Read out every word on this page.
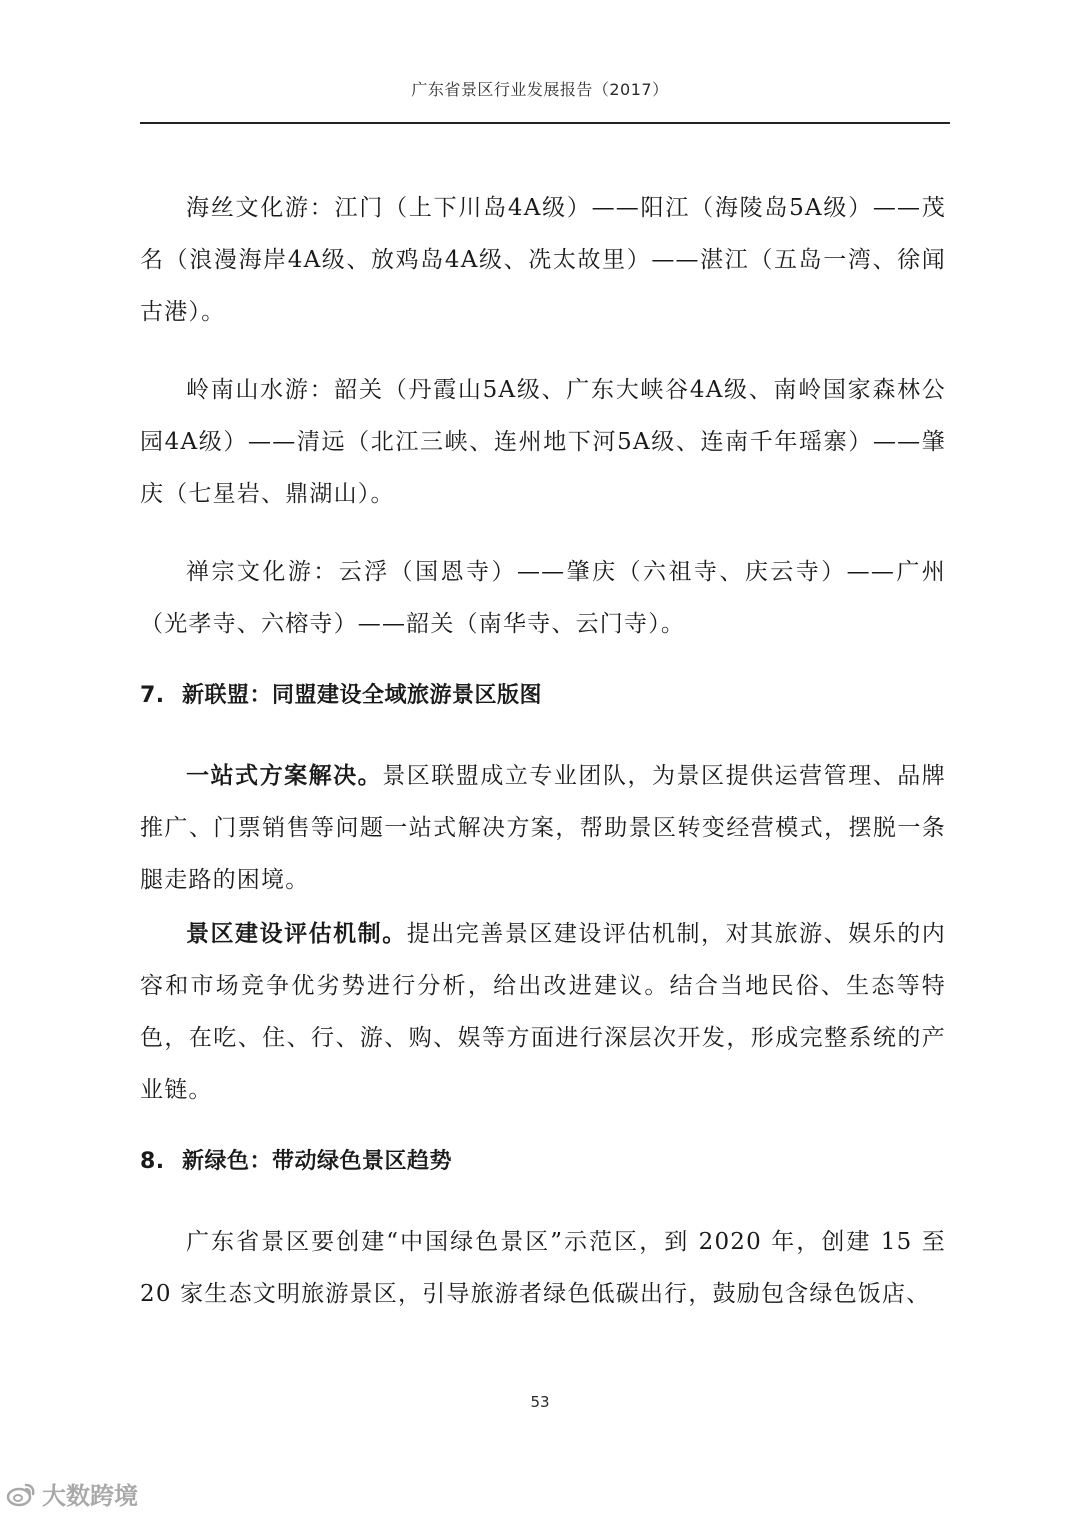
广东省景区行业发展报告（2017）

海丝文化游：江门（上下川岛4A级）——阳江（海陵岛5A级）——茂名（浪漫海岸4A级、放鸡岛4A级、冼太故里）——湛江（五岛一湾、徐闻古港）。

岭南山水游：韶关（丹霞山5A级、广东大峡谷4A级、南岭国家森林公园4A级）——清远（北江三峡、连州地下河5A级、连南千年瑶寨）——肇庆（七星岩、鼎湖山）。

禅宗文化游：云浮（国恩寺）——肇庆（六祖寺、庆云寺）——广州（光孝寺、六榕寺）——韶关（南华寺、云门寺）。

7. 新联盟：同盟建设全域旅游景区版图

一站式方案解决。景区联盟成立专业团队，为景区提供运营管理、品牌推广、门票销售等问题一站式解决方案，帮助景区转变经营模式，摆脱一条腿走路的困境。

景区建设评估机制。提出完善景区建设评估机制，对其旅游、娱乐的内容和市场竞争优劣势进行分析，给出改进建议。结合当地民俗、生态等特色，在吃、住、行、游、购、娱等方面进行深层次开发，形成完整系统的产业链。

8. 新绿色：带动绿色景区趋势

广东省景区要创建“中国绿色景区”示范区，到 2020 年，创建 15 至 20 家生态文明旅游景区，引导旅游者绿色低碳出行，鼓励包含绿色饭店、

53
大数跨境
